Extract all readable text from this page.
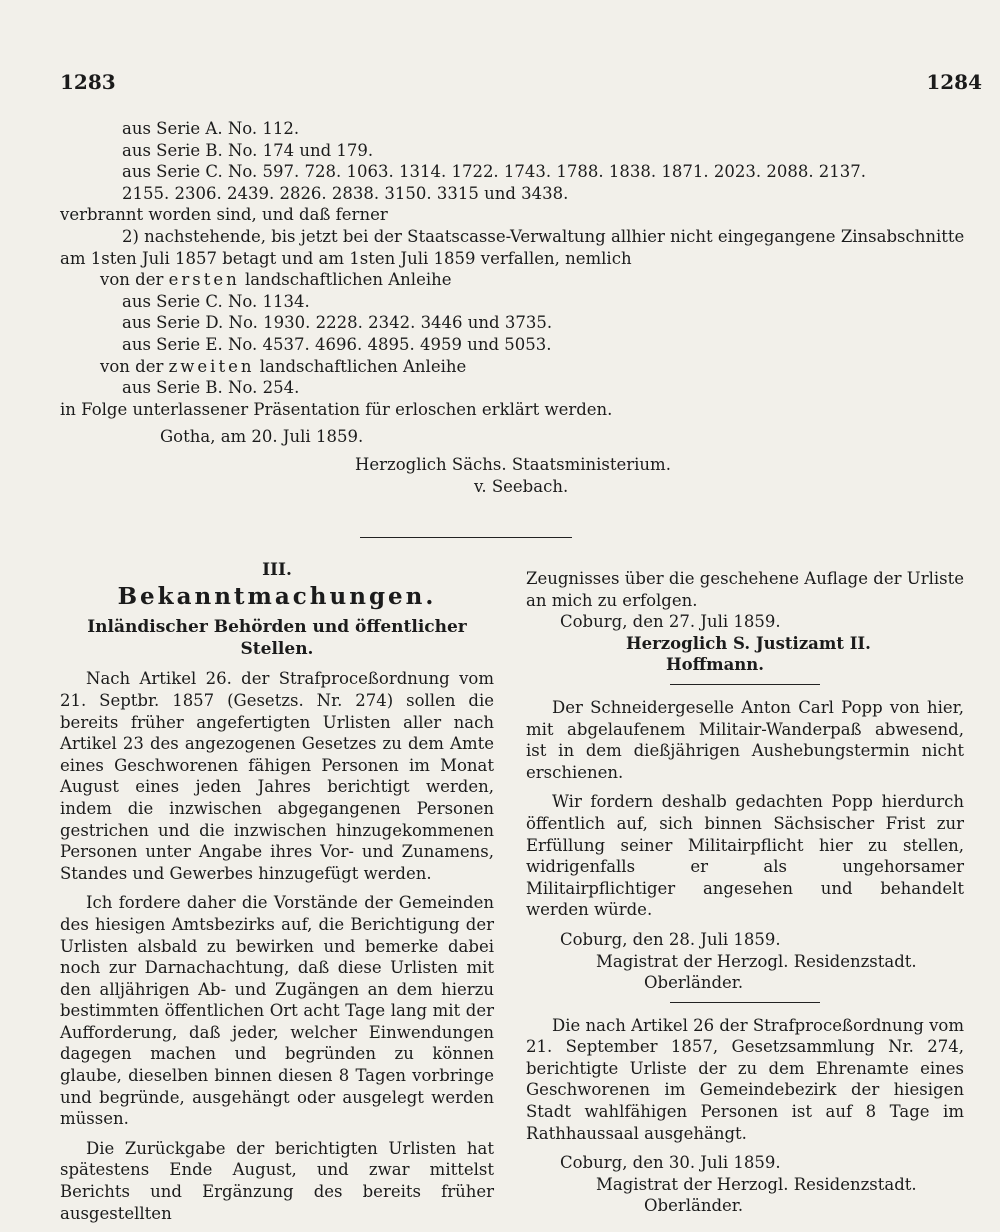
1283	1284
aus Serie A. No. 112.
aus Serie B. No. 174 und 179.
aus Serie C. No. 597. 728. 1063. 1314. 1722. 1743. 1788. 1838. 1871. 2023. 2088. 2137.
2155. 2306. 2439. 2826. 2838. 3150. 3315 und 3438.
verbrannt worden sind, und daß ferner
2) nachstehende, bis jetzt bei der Staatscasse-Verwaltung allhier nicht eingegangene Zinsabschnitte
am 1sten Juli 1857 betagt und am 1sten Juli 1859 verfallen, nemlich
von der ersten landschaftlichen Anleihe
aus Serie C. No. 1134.
aus Serie D. No. 1930. 2228. 2342. 3446 und 3735.
aus Serie E. No. 4537. 4696. 4895. 4959 und 5053.
von der zweiten landschaftlichen Anleihe
aus Serie B. No. 254.
in Folge unterlassener Präsentation für erloschen erklärt werden.
Gotha, am 20. Juli 1859.
Herzoglich Sächs. Staatsministerium.
v. Seebach.
III.
Bekanntmachungen.
Inländischer Behörden und öffentlicher Stellen.

Nach Artikel 26. der Strafproceßordnung vom 21. Septbr. 1857 (Gesetzs. Nr. 274) sollen die bereits früher angefertigten Urlisten aller nach Artikel 23 des angezogenen Gesetzes zu dem Amte eines Geschworenen fähigen Personen im Monat August eines jeden Jahres berichtigt werden, indem die inzwischen abgegangenen Personen gestrichen und die inzwischen hinzugekommenen Personen unter Angabe ihres Vor- und Zunamens, Standes und Gewerbes hinzugefügt werden.

Ich fordere daher die Vorstände der Gemeinden des hiesigen Amtsbezirks auf, die Berichtigung der Urlisten alsbald zu bewirken und bemerke dabei noch zur Darnachachtung, daß diese Urlisten mit den alljährigen Ab- und Zugängen an dem hierzu bestimmten öffentlichen Ort acht Tage lang mit der Aufforderung, daß jeder, welcher Einwendungen dagegen machen und begründen zu können glaube, dieselben binnen diesen 8 Tagen vorbringe und begründe, ausgehängt oder ausgelegt werden müssen.

Die Zurückgabe der berichtigten Urlisten hat spätestens Ende August, und zwar mittelst Berichts und Ergänzung des bereits früher ausgestellten

Zeugnisses über die geschehene Auflage der Urliste an mich zu erfolgen.

Coburg, den 27. Juli 1859.
Herzoglich S. Justizamt II.
Hoffmann.

Der Schneidergeselle Anton Carl Popp von hier, mit abgelaufenem Militair-Wanderpaß abwesend, ist in dem dießjährigen Aushebungstermin nicht erschienen.

Wir fordern deshalb gedachten Popp hierdurch öffentlich auf, sich binnen Sächsischer Frist zur Erfüllung seiner Militairpflicht hier zu stellen, widrigenfalls er als ungehorsamer Militairpflichtiger angesehen und behandelt werden würde.

Coburg, den 28. Juli 1859.
Magistrat der Herzogl. Residenzstadt.
Oberländer.

Die nach Artikel 26 der Strafproceßordnung vom 21. September 1857, Gesetzsammlung Nr. 274, berichtigte Urliste der zu dem Ehrenamte eines Geschworenen im Gemeindebezirk der hiesigen Stadt wahlfähigen Personen ist auf 8 Tage im Rathhaussaal ausgehängt.

Coburg, den 30. Juli 1859.
Magistrat der Herzogl. Residenzstadt.
Oberländer.
